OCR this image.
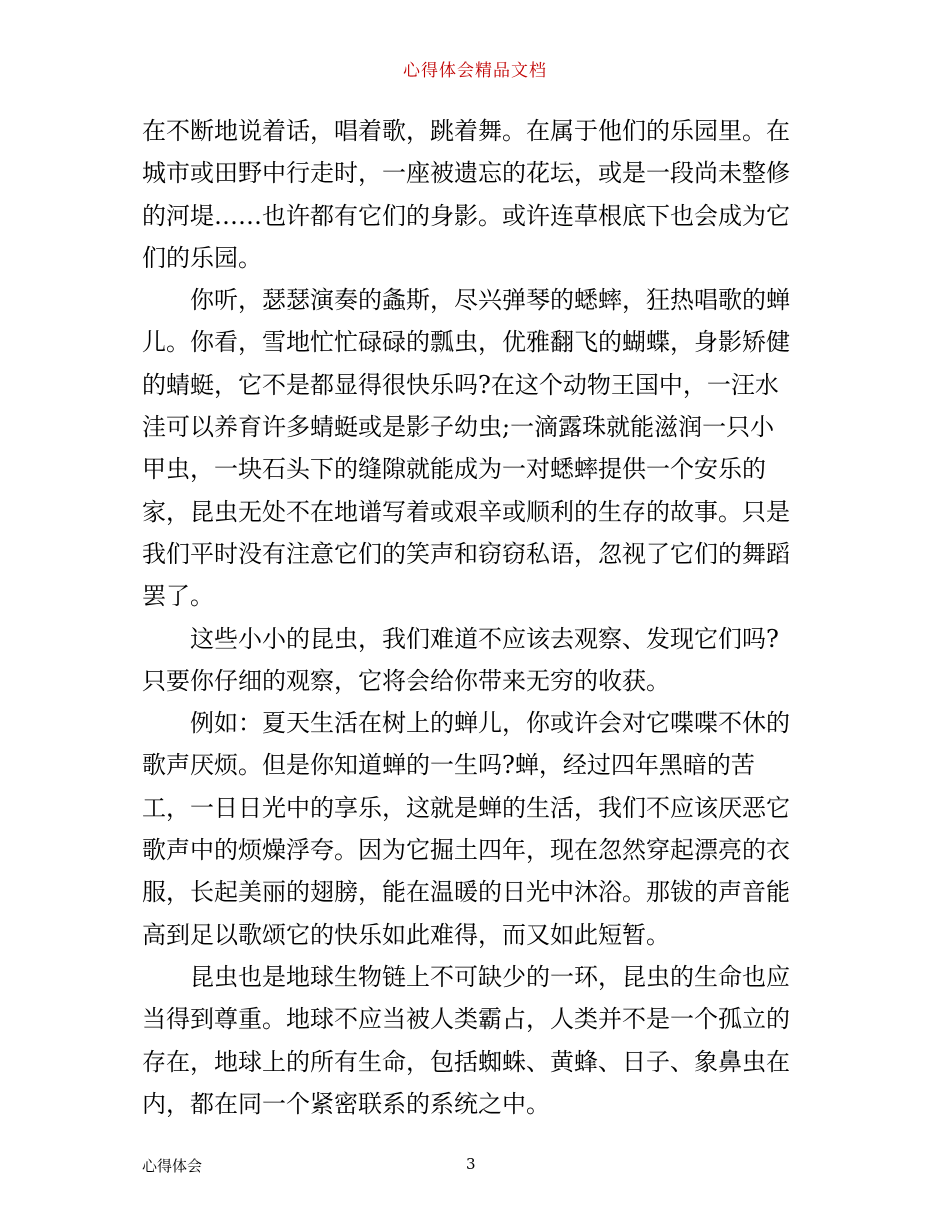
心得体会精品文档

在不断地说着话，唱着歌，跳着舞。在属于他们的乐园里。在
城市或田野中行走时，一座被遗忘的花坛，或是一段尚未整修
的河堤……也许都有它们的身影。或许连草根底下也会成为它
们的乐园。

你听，瑟瑟演奏的螽斯，尽兴弹琴的蟋蟀，狂热唱歌的蝉
儿。你看，雪地忙忙碌碌的瓢虫，优雅翻飞的蝴蝶，身影矫健
的蜻蜓，它不是都显得很快乐吗?在这个动物王国中，一汪水
洼可以养育许多蜻蜓或是影子幼虫;一滴露珠就能滋润一只小
甲虫，一块石头下的缝隙就能成为一对蟋蟀提供一个安乐的
家，昆虫无处不在地谱写着或艰辛或顺利的生存的故事。只是
我们平时没有注意它们的笑声和窃窃私语，忽视了它们的舞蹈
罢了。

这些小小的昆虫，我们难道不应该去观察、发现它们吗?
只要你仔细的观察，它将会给你带来无穷的收获。

例如：夏天生活在树上的蝉儿，你或许会对它喋喋不休的
歌声厌烦。但是你知道蝉的一生吗?蝉，经过四年黑暗的苦
工，一日日光中的享乐，这就是蝉的生活，我们不应该厌恶它
歌声中的烦燥浮夸。因为它掘土四年，现在忽然穿起漂亮的衣
服，长起美丽的翅膀，能在温暖的日光中沐浴。那钹的声音能
高到足以歌颂它的快乐如此难得，而又如此短暂。

昆虫也是地球生物链上不可缺少的一环，昆虫的生命也应
当得到尊重。地球不应当被人类霸占，人类并不是一个孤立的
存在，地球上的所有生命，包括蜘蛛、黄蜂、日子、象鼻虫在
内，都在同一个紧密联系的系统之中。

心得体会	3
